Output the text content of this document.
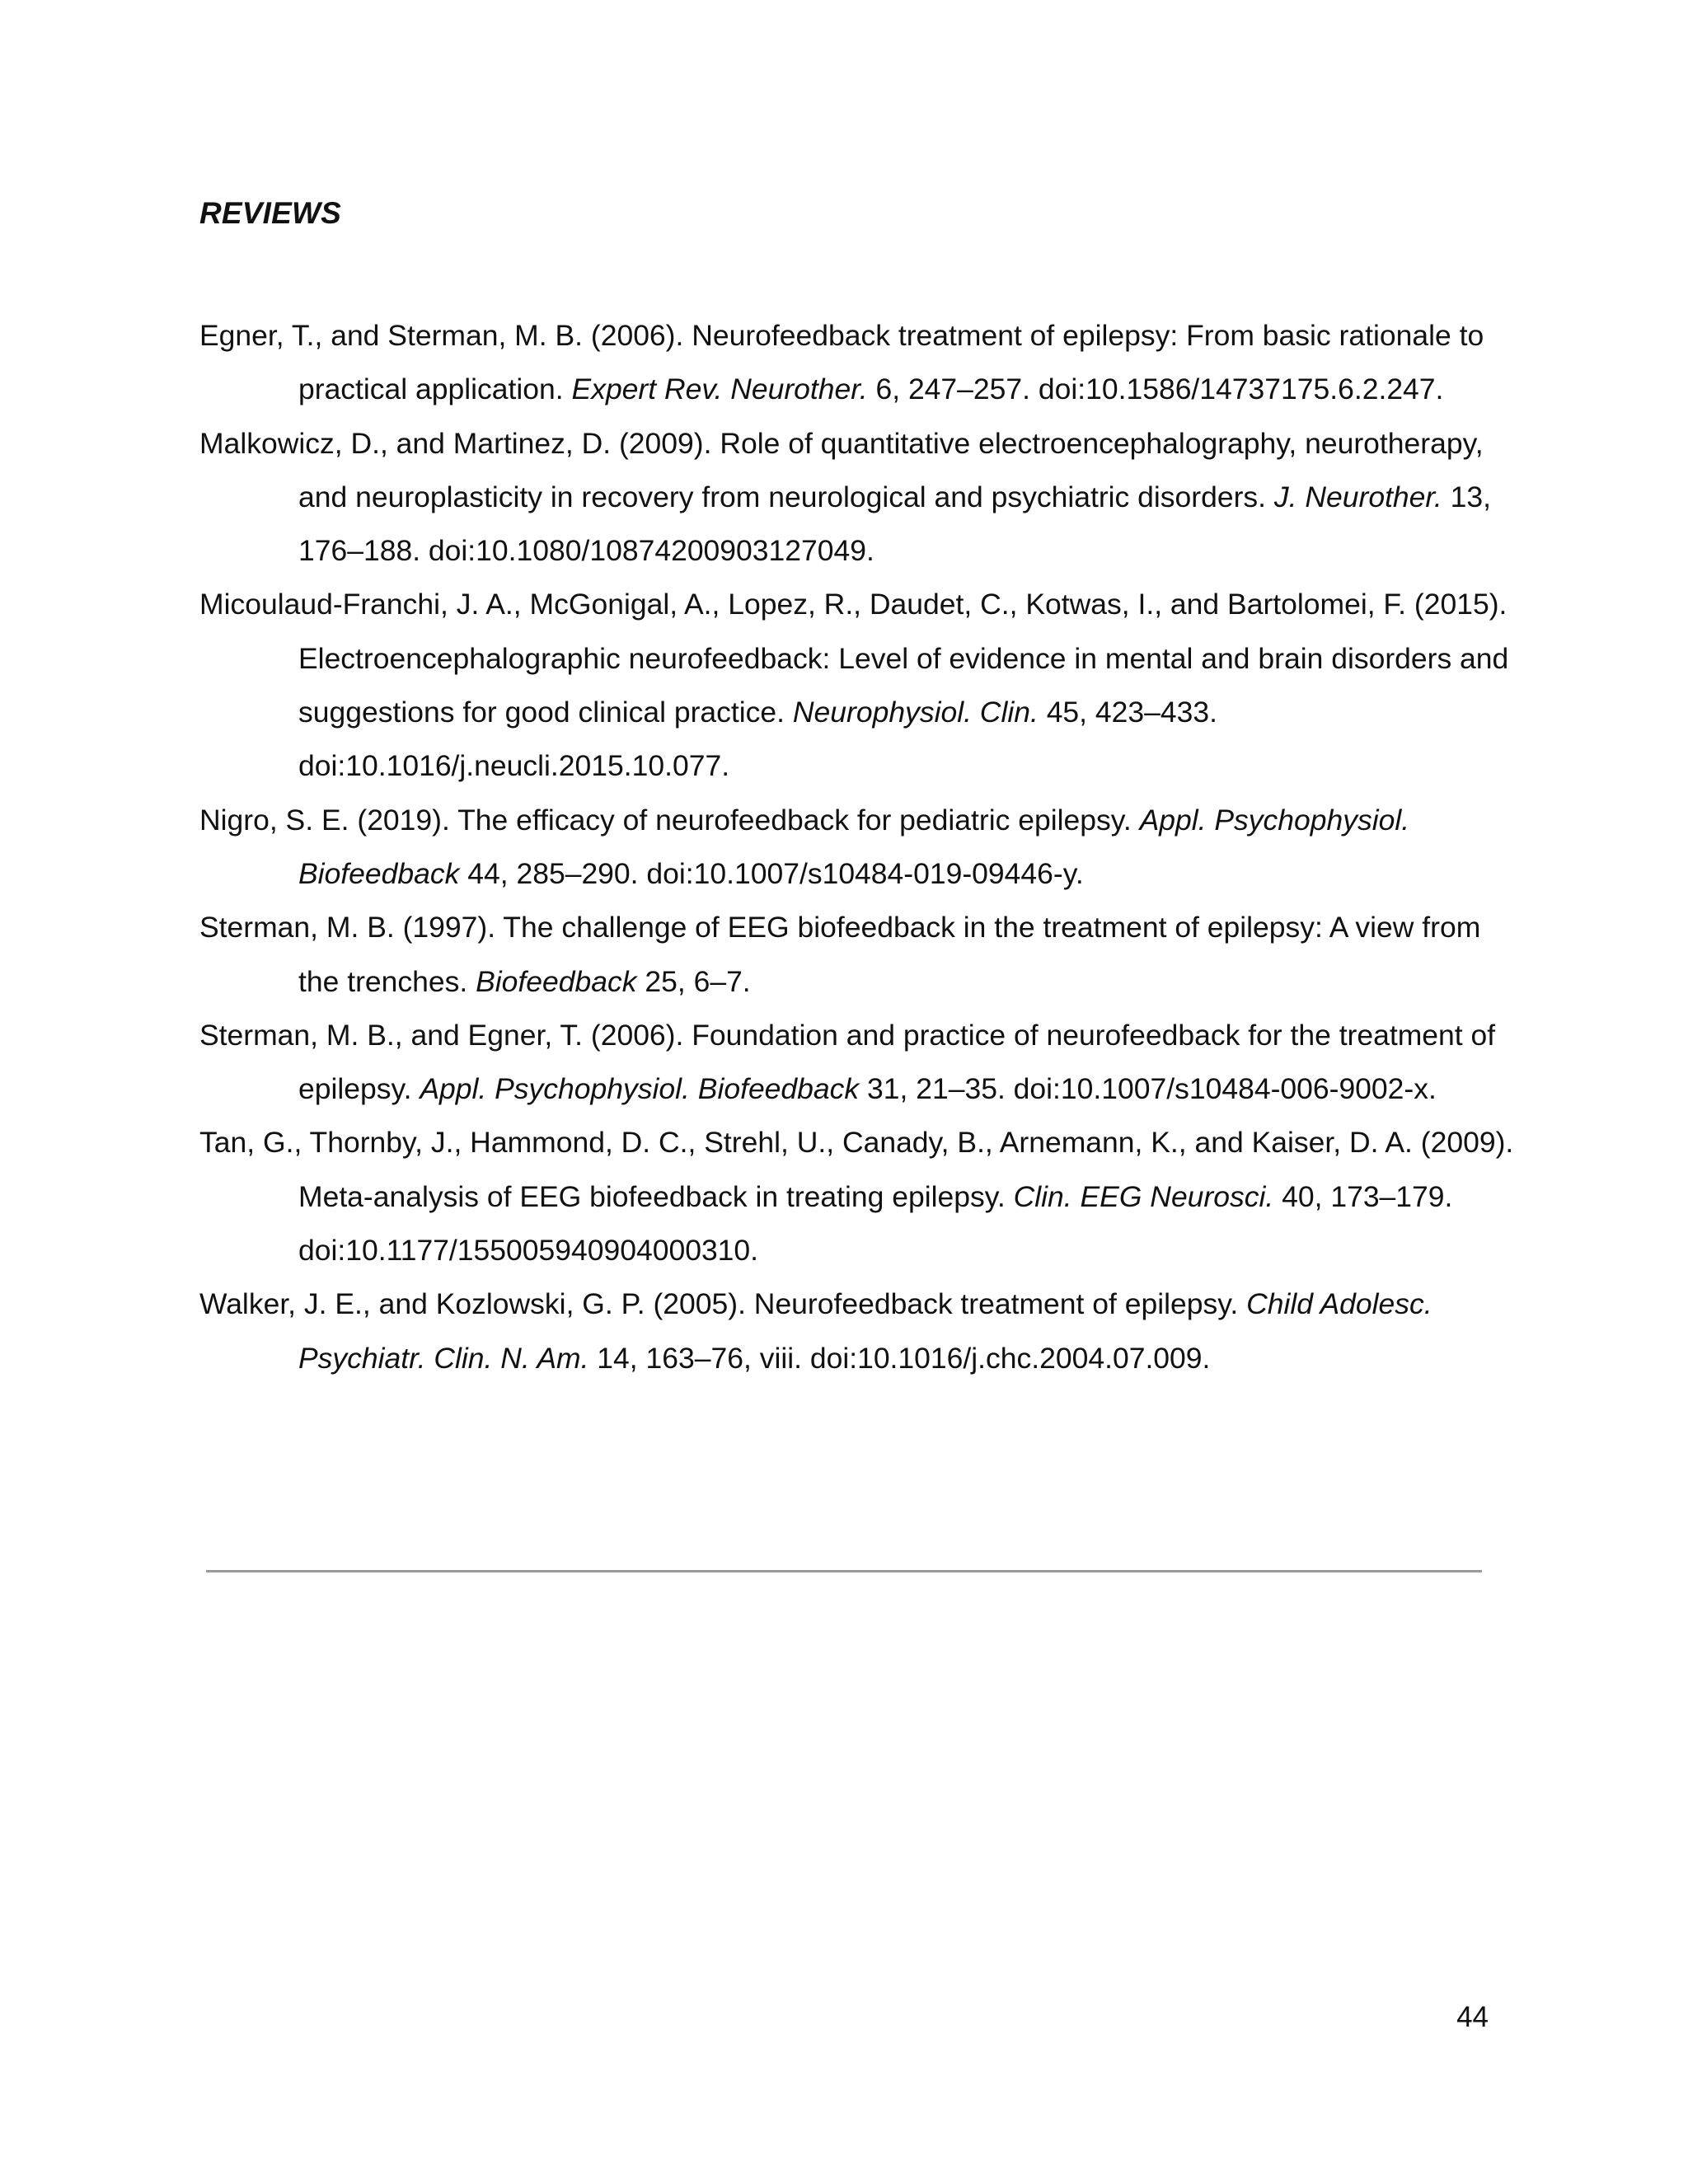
REVIEWS
Egner, T., and Sterman, M. B. (2006). Neurofeedback treatment of epilepsy: From basic rationale to practical application. Expert Rev. Neurother. 6, 247–257. doi:10.1586/14737175.6.2.247.
Malkowicz, D., and Martinez, D. (2009). Role of quantitative electroencephalography, neurotherapy, and neuroplasticity in recovery from neurological and psychiatric disorders. J. Neurother. 13, 176–188. doi:10.1080/10874200903127049.
Micoulaud-Franchi, J. A., McGonigal, A., Lopez, R., Daudet, C., Kotwas, I., and Bartolomei, F. (2015). Electroencephalographic neurofeedback: Level of evidence in mental and brain disorders and suggestions for good clinical practice. Neurophysiol. Clin. 45, 423–433. doi:10.1016/j.neucli.2015.10.077.
Nigro, S. E. (2019). The efficacy of neurofeedback for pediatric epilepsy. Appl. Psychophysiol. Biofeedback 44, 285–290. doi:10.1007/s10484-019-09446-y.
Sterman, M. B. (1997). The challenge of EEG biofeedback in the treatment of epilepsy: A view from the trenches. Biofeedback 25, 6–7.
Sterman, M. B., and Egner, T. (2006). Foundation and practice of neurofeedback for the treatment of epilepsy. Appl. Psychophysiol. Biofeedback 31, 21–35. doi:10.1007/s10484-006-9002-x.
Tan, G., Thornby, J., Hammond, D. C., Strehl, U., Canady, B., Arnemann, K., and Kaiser, D. A. (2009). Meta-analysis of EEG biofeedback in treating epilepsy. Clin. EEG Neurosci. 40, 173–179. doi:10.1177/155005940904000310.
Walker, J. E., and Kozlowski, G. P. (2005). Neurofeedback treatment of epilepsy. Child Adolesc. Psychiatr. Clin. N. Am. 14, 163–76, viii. doi:10.1016/j.chc.2004.07.009.
44
